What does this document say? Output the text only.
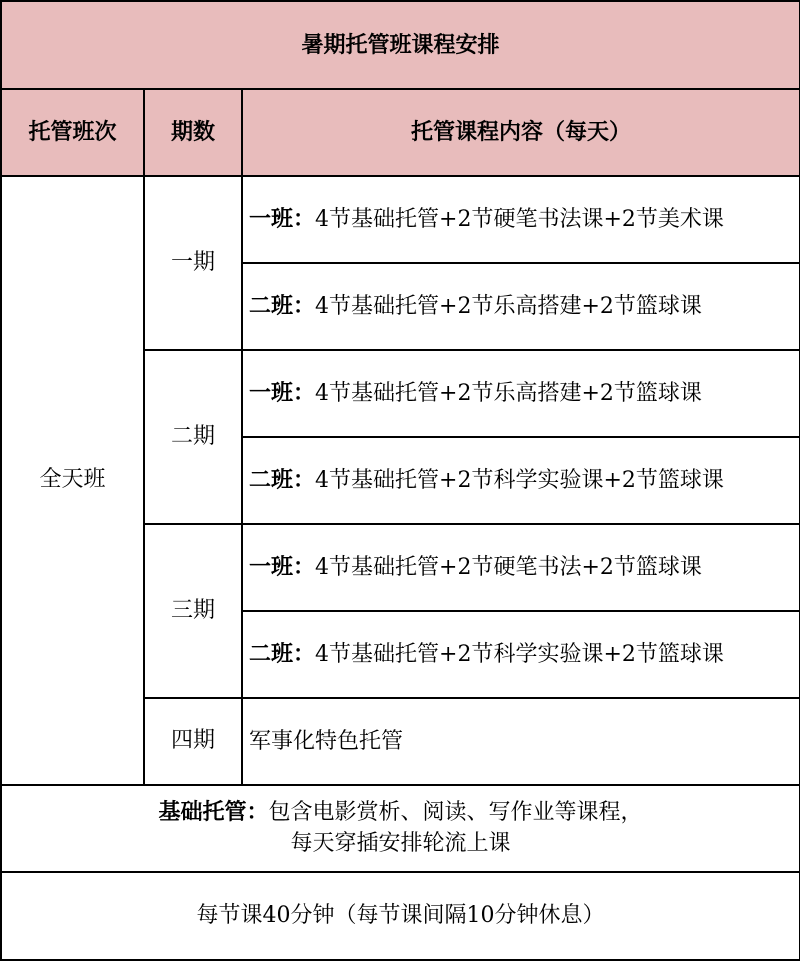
暑期托管班课程安排		
托管班次	期数	托管课程内容（每天）
全天班	一期	一班：4节基础托管+2节硬笔书法课+2节美术课
		二班：4节基础托管+2节乐高搭建+2节篮球课
	二期	一班：4节基础托管+2节乐高搭建+2节篮球课
		二班：4节基础托管+2节科学实验课+2节篮球课
	三期	一班：4节基础托管+2节硬笔书法+2节篮球课
		二班：4节基础托管+2节科学实验课+2节篮球课
	四期	军事化特色托管
基础托管：包含电影赏析、阅读、写作业等课程，
每天穿插安排轮流上课		
每节课40分钟（每节课间隔10分钟休息）		
